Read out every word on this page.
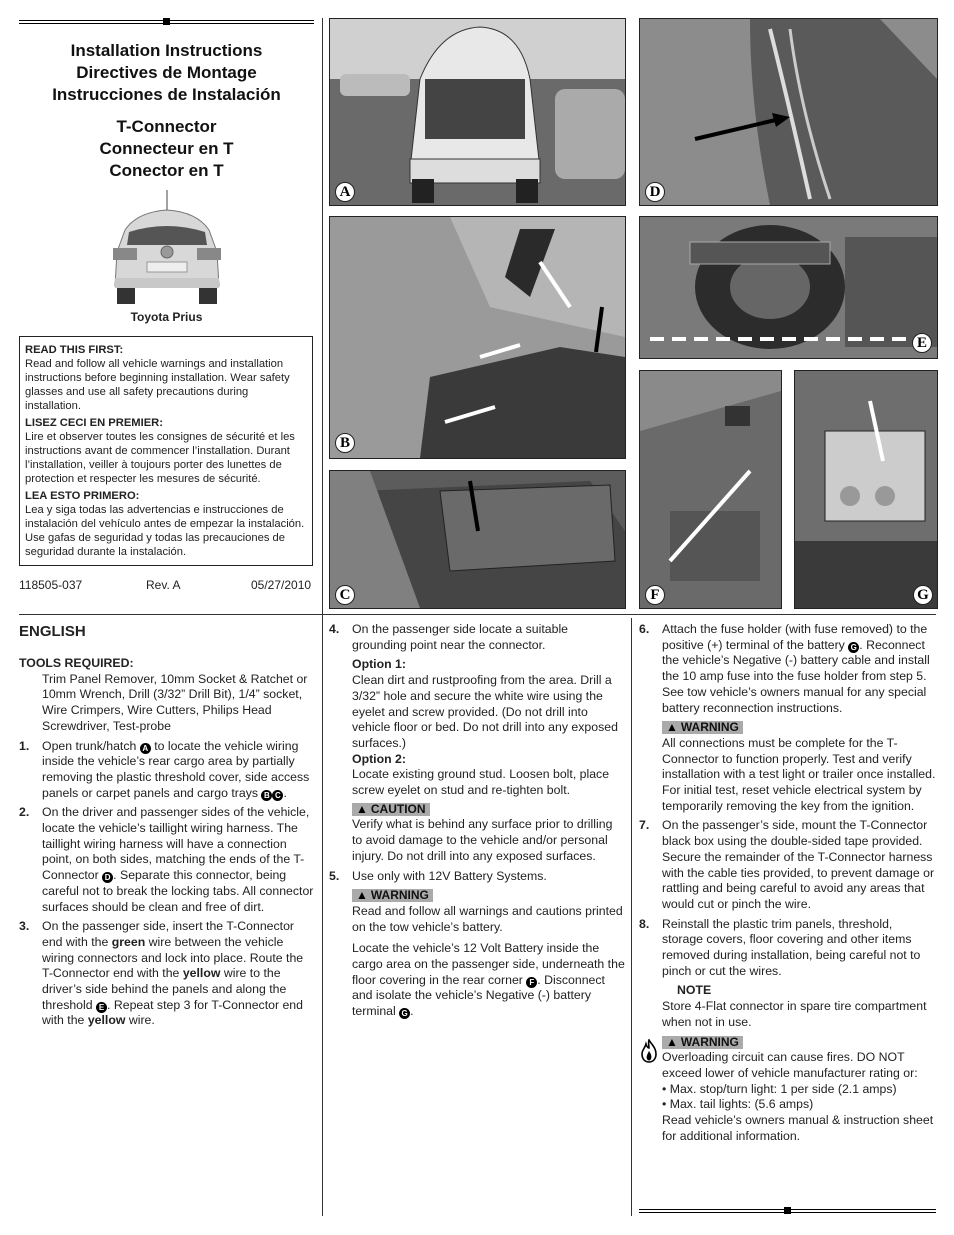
Installation Instructions
Directives de Montage
Instrucciones de Instalación
T-Connector
Connecteur en T
Conector en T
Toyota Prius

READ THIS FIRST:
Read and follow all vehicle warnings and installation instructions before beginning installation. Wear safety glasses and use all safety precautions during installation.

LISEZ CECI EN PREMIER:
Lire et observer toutes les consignes de sécurité et les instructions avant de commencer l’installation. Durant l’installation, veiller à toujours porter des lunettes de protection et respecter les mesures de sécurité.

LEA ESTO PRIMERO:
Lea y siga todas las advertencias e instrucciones de instalación del vehículo antes de empezar la instalación. Use gafas de seguridad y todas las precauciones de seguridad durante la instalación.

118505-037	Rev. A	05/27/2010
A	D
B
E
C	F	G
ENGLISH

TOOLS REQUIRED:

Trim Panel Remover, 10mm Socket & Ratchet or 10mm Wrench, Drill (3/32” Drill Bit), 1/4” socket, Wire Crimpers, Wire Cutters, Philips Head Screwdriver, Test-probe

1. Open trunk/hatch A to locate the vehicle wiring inside the vehicle’s rear cargo area by partially removing the plastic threshold cover, side access panels or carpet panels and cargo trays B C .
2. On the driver and passenger sides of the vehicle, locate the vehicle’s taillight wiring harness. The taillight wiring harness will have a connection point, on both sides, matching the ends of the T-Connector D . Separate this connector, being careful not to break the locking tabs. All connector surfaces should be clean and free of dirt.
3. On the passenger side, insert the T-Connector end with the green wire between the vehicle wiring connectors and lock into place. Route the T-Connector end with the yellow wire to the driver’s side behind the panels and along the threshold E . Repeat step 3 for T-Connector end with the yellow wire.
4. On the passenger side locate a suitable grounding point near the connector.

Option 1:

Clean dirt and rustproofing from the area. Drill a 3/32” hole and secure the white wire using the eyelet and screw provided. (Do not drill into vehicle floor or bed. Do not drill into any exposed surfaces.)

Option 2:

Locate existing ground stud. Loosen bolt, place screw eyelet on stud and re-tighten bolt.

▲ CAUTION

Verify what is behind any surface prior to drilling to avoid damage to the vehicle and/or personal injury. Do not drill into any exposed surfaces.

5. Use only with 12V Battery Systems.
▲ WARNING

Read and follow all warnings and cautions printed on the tow vehicle’s battery.

Locate the vehicle’s 12 Volt Battery inside the cargo area on the passenger side, underneath the floor covering in the rear corner F . Disconnect and isolate the vehicle’s Negative (-) battery terminal G .

6. Attach the fuse holder (with fuse removed) to the positive (+) terminal of the battery G . Reconnect the vehicle’s Negative (-) battery cable and install the 10 amp fuse into the fuse holder from step 5. See tow vehicle’s owners manual for any special battery reconnection instructions.
▲ WARNING

All connections must be complete for the T-Connector to function properly. Test and verify installation with a test light or trailer once installed. For initial test, reset vehicle electrical system by temporarily removing the key from the ignition.

7. On the passenger’s side, mount the T-Connector black box using the double-sided tape provided. Secure the remainder of the T-Connector harness with the cable ties provided, to prevent damage or rattling and being careful to avoid any areas that would cut or pinch the wire.
8. Reinstall the plastic trim panels, threshold, storage covers, floor covering and other items removed during installation, being careful not to pinch or cut the wires.

NOTE

Store 4-Flat connector in spare tire compartment when not in use.

▲ WARNING

Overloading circuit can cause fires. DO NOT exceed lower of vehicle manufacturer rating or:

• Max. stop/turn light: 1 per side (2.1 amps)

• Max. tail lights: (5.6 amps)

Read vehicle’s owners manual & instruction sheet for additional information.
